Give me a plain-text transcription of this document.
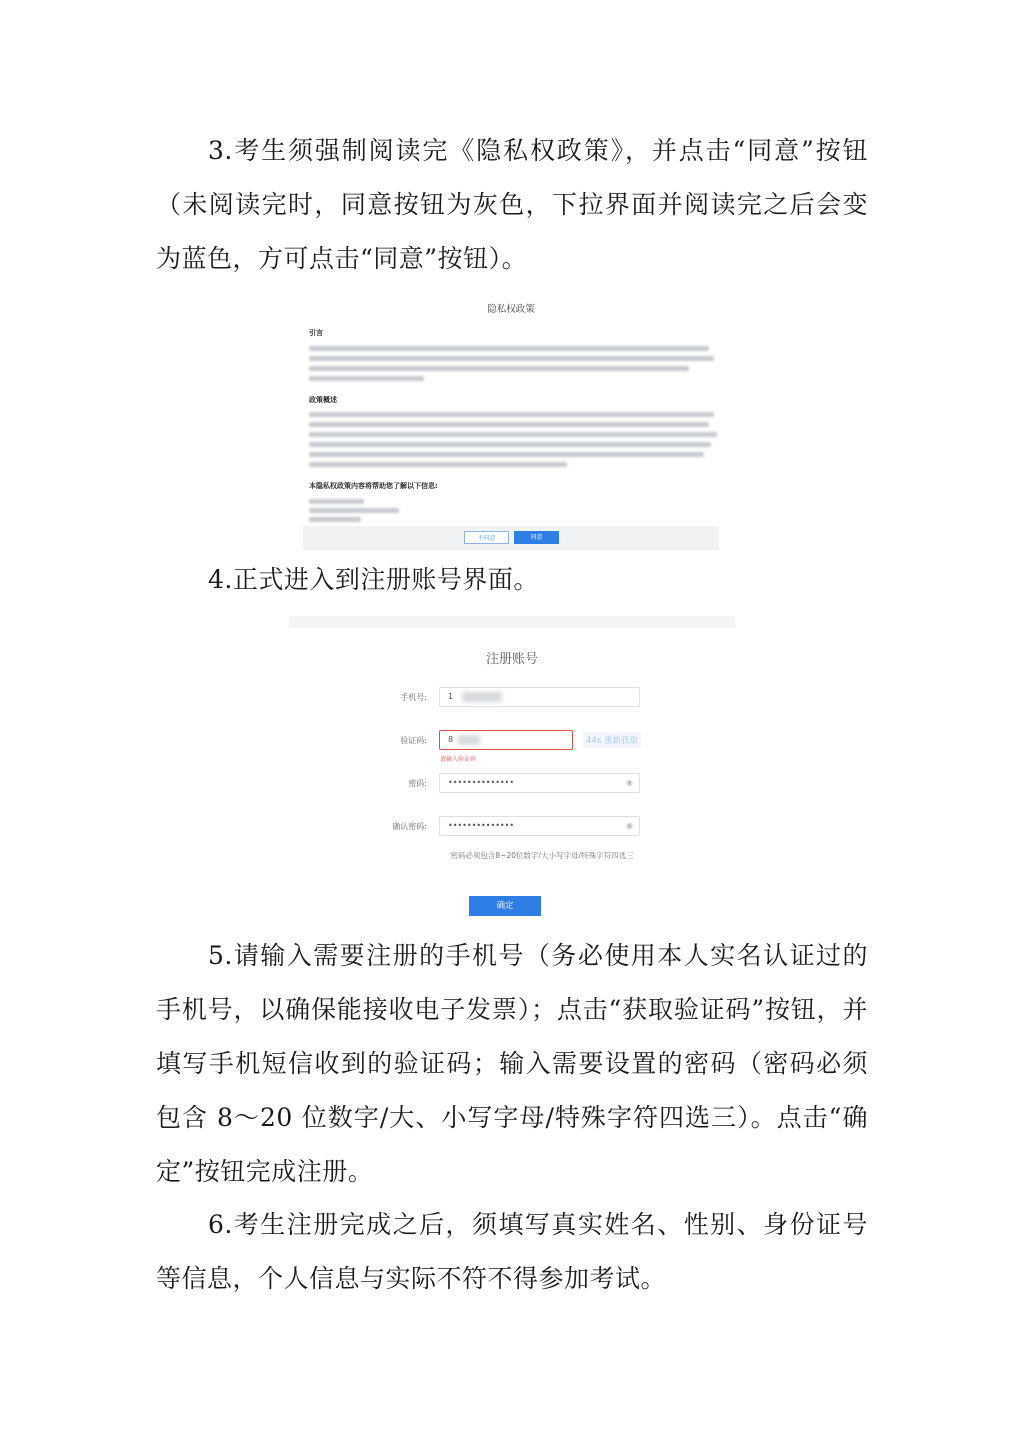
3.考生须强制阅读完《隐私权政策》，并点击“同意”按钮（未阅读完时，同意按钮为灰色，下拉界面并阅读完之后会变为蓝色，方可点击“同意”按钮）。

隐私权政策
引言
政策概述
本隐私权政策内容将帮助您了解以下信息:
不同意	同意

4.正式进入到注册账号界面。

注册账号
手机号:	1
验证码:	8	44s 重新获取
请输入验证码
密码:	••••••••••••••	◉
确认密码:	••••••••••••••	◉
密码必须包含8~20位数字/大小写字母/特殊字符四选三
确定

5.请输入需要注册的手机号（务必使用本人实名认证过的手机号，以确保能接收电子发票）；点击“获取验证码”按钮，并填写手机短信收到的验证码；输入需要设置的密码（密码必须包含 8～20 位数字/大、小写字母/特殊字符四选三）。点击“确定”按钮完成注册。

6.考生注册完成之后，须填写真实姓名、性别、身份证号等信息，个人信息与实际不符不得参加考试。
